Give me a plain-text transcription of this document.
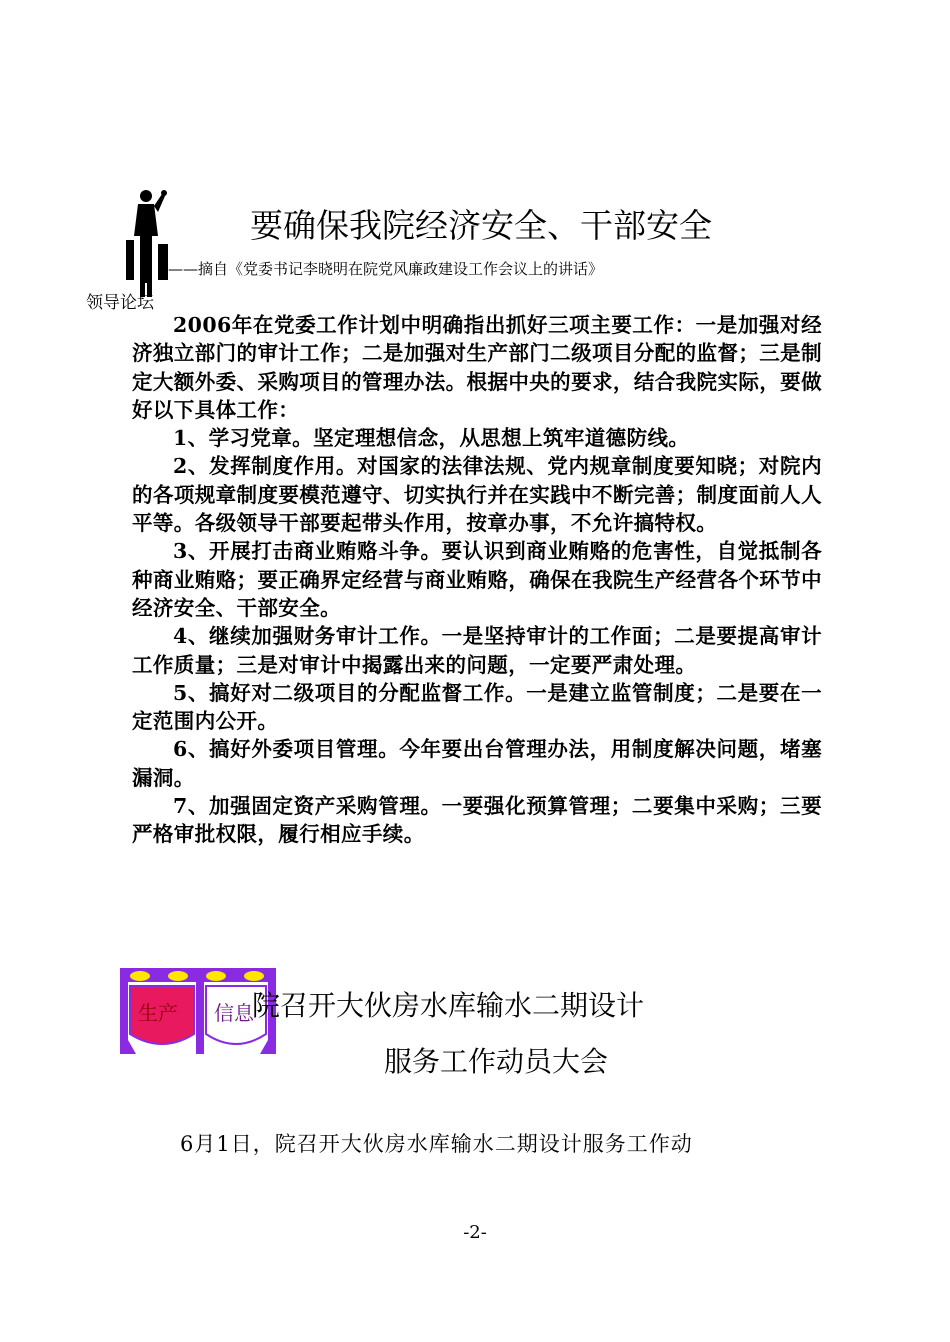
要确保我院经济安全、干部安全
——摘自《党委书记李晓明在院党风廉政建设工作会议上的讲话》
领导论坛

2006年在党委工作计划中明确指出抓好三项主要工作：一是加强对经济独立部门的审计工作；二是加强对生产部门二级项目分配的监督；三是制定大额外委、采购项目的管理办法。根据中央的要求，结合我院实际，要做好以下具体工作：

1、学习党章。坚定理想信念，从思想上筑牢道德防线。

2、发挥制度作用。对国家的法律法规、党内规章制度要知晓；对院内的各项规章制度要模范遵守、切实执行并在实践中不断完善；制度面前人人平等。各级领导干部要起带头作用，按章办事，不允许搞特权。

3、开展打击商业贿赂斗争。要认识到商业贿赂的危害性，自觉抵制各种商业贿赂；要正确界定经营与商业贿赂，确保在我院生产经营各个环节中经济安全、干部安全。

4、继续加强财务审计工作。一是坚持审计的工作面；二是要提高审计工作质量；三是对审计中揭露出来的问题，一定要严肃处理。

5、搞好对二级项目的分配监督工作。一是建立监管制度；二是要在一定范围内公开。

6、搞好外委项目管理。今年要出台管理办法，用制度解决问题，堵塞漏洞。

7、加强固定资产采购管理。一要强化预算管理；二要集中采购；三要严格审批权限，履行相应手续。

生产 信息
院召开大伙房水库输水二期设计
服务工作动员大会
6月1日，院召开大伙房水库输水二期设计服务工作动
-2-
